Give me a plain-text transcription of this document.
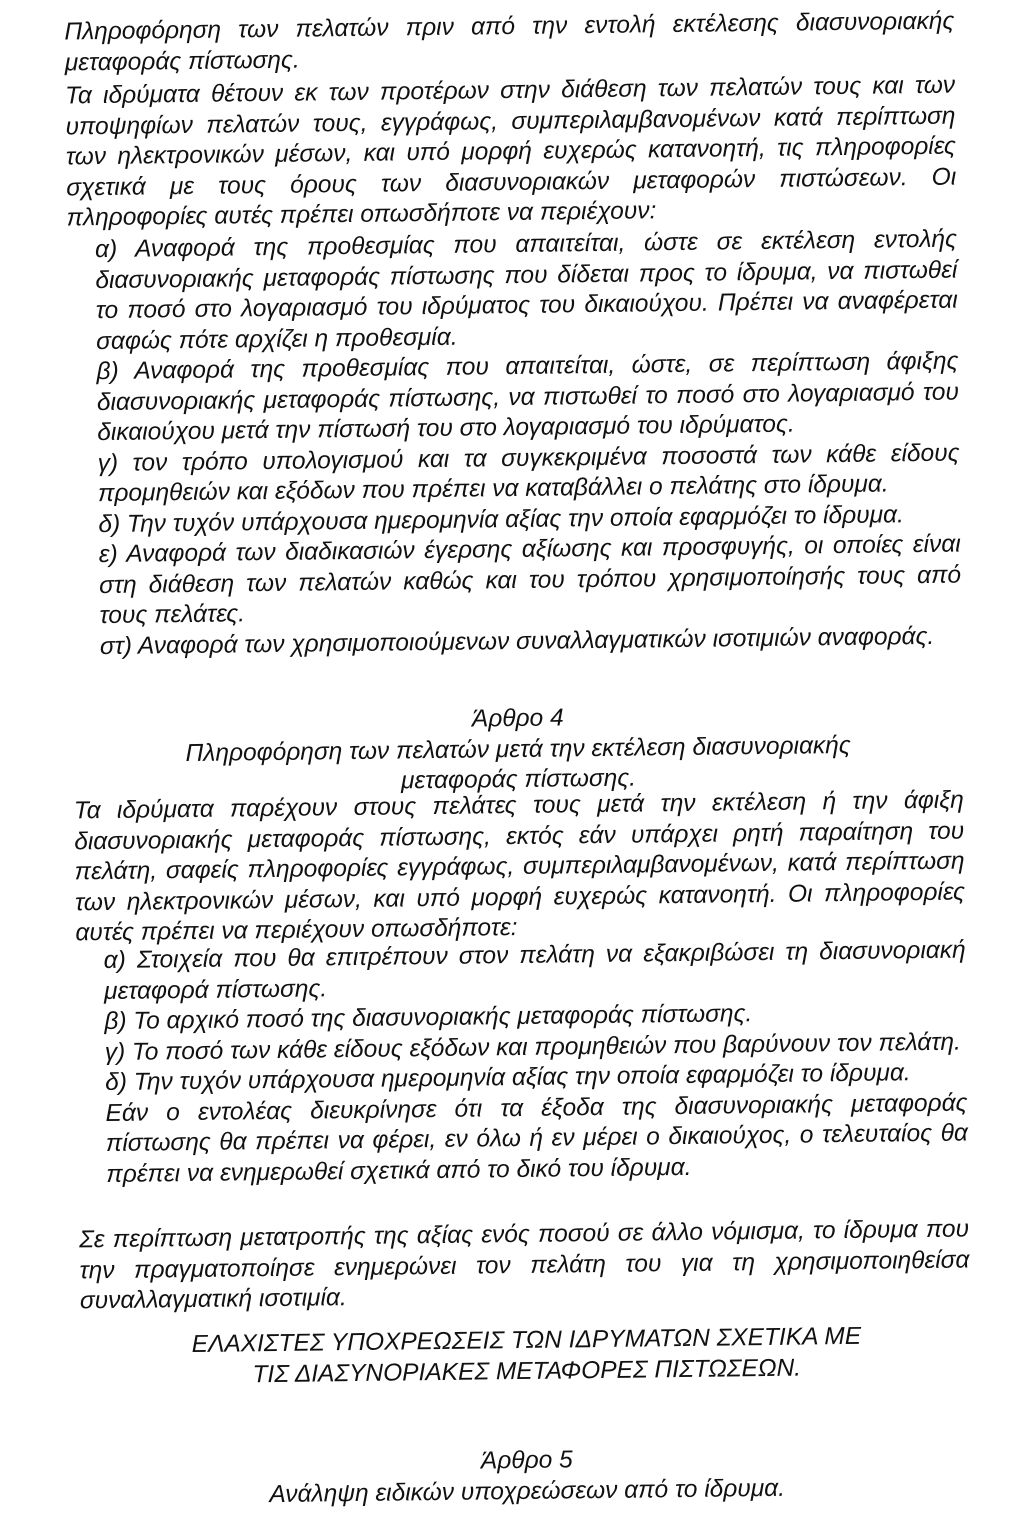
Πληροφόρηση των πελατών πριν από την εντολή εκτέλεσης διασυνοριακής μεταφοράς πίστωσης.

Τα ιδρύματα θέτουν εκ των προτέρων στην διάθεση των πελατών τους και των υποψηφίων πελατών τους, εγγράφως, συμπεριλαμβανομένων κατά περίπτωση των ηλεκτρονικών μέσων, και υπό μορφή ευχερώς κατανοητή, τις πληροφορίες σχετικά με τους όρους των διασυνοριακών μεταφορών πιστώσεων. Οι πληροφορίες αυτές πρέπει οπωσδήποτε να περιέχουν:

α) Αναφορά της προθεσμίας που απαιτείται, ώστε σε εκτέλεση εντολής διασυνοριακής μεταφοράς πίστωσης που δίδεται προς το ίδρυμα, να πιστωθεί το ποσό στο λογαριασμό του ιδρύματος του δικαιούχου. Πρέπει να αναφέρεται σαφώς πότε αρχίζει η προθεσμία.
β) Αναφορά της προθεσμίας που απαιτείται, ώστε, σε περίπτωση άφιξης διασυνοριακής μεταφοράς πίστωσης, να πιστωθεί το ποσό στο λογαριασμό του δικαιούχου μετά την πίστωσή του στο λογαριασμό του ιδρύματος.
γ) τον τρόπο υπολογισμού και τα συγκεκριμένα ποσοστά των κάθε είδους προμηθειών και εξόδων που πρέπει να καταβάλλει ο πελάτης στο ίδρυμα.
δ) Την τυχόν υπάρχουσα ημερομηνία αξίας την οποία εφαρμόζει το ίδρυμα.
ε) Αναφορά των διαδικασιών έγερσης αξίωσης και προσφυγής, οι οποίες είναι στη διάθεση των πελατών καθώς και του τρόπου χρησιμοποίησής τους από τους πελάτες.
στ) Αναφορά των χρησιμοποιούμενων συναλλαγματικών ισοτιμιών αναφοράς.
Άρθρο 4
Πληροφόρηση των πελατών μετά την εκτέλεση διασυνοριακής
μεταφοράς πίστωσης.

Τα ιδρύματα παρέχουν στους πελάτες τους μετά την εκτέλεση ή την άφιξη διασυνοριακής μεταφοράς πίστωσης, εκτός εάν υπάρχει ρητή παραίτηση του πελάτη, σαφείς πληροφορίες εγγράφως, συμπεριλαμβανομένων, κατά περίπτωση των ηλεκτρονικών μέσων, και υπό μορφή ευχερώς κατανοητή. Οι πληροφορίες αυτές πρέπει να περιέχουν οπωσδήποτε:

α) Στοιχεία που θα επιτρέπουν στον πελάτη να εξακριβώσει τη διασυνοριακή μεταφορά πίστωσης.
β) Το αρχικό ποσό της διασυνοριακής μεταφοράς πίστωσης.
γ) Το ποσό των κάθε είδους εξόδων και προμηθειών που βαρύνουν τον πελάτη.
δ) Την τυχόν υπάρχουσα ημερομηνία αξίας την οποία εφαρμόζει το ίδρυμα.
Εάν ο εντολέας διευκρίνησε ότι τα έξοδα της διασυνοριακής μεταφοράς πίστωσης θα πρέπει να φέρει, εν όλω ή εν μέρει ο δικαιούχος, ο τελευταίος θα πρέπει να ενημερωθεί σχετικά από το δικό του ίδρυμα.

Σε περίπτωση μετατροπής της αξίας ενός ποσού σε άλλο νόμισμα, το ίδρυμα που την πραγματοποίησε ενημερώνει τον πελάτη του για τη χρησιμοποιηθείσα συναλλαγματική ισοτιμία.

ΕΛΑΧΙΣΤΕΣ ΥΠΟΧΡΕΩΣΕΙΣ ΤΩΝ ΙΔΡΥΜΑΤΩΝ ΣΧΕΤΙΚΑ ΜΕ
ΤΙΣ ΔΙΑΣΥΝΟΡΙΑΚΕΣ ΜΕΤΑΦΟΡΕΣ ΠΙΣΤΩΣΕΩΝ.
Άρθρο 5
Ανάληψη ειδικών υποχρεώσεων από το ίδρυμα.
